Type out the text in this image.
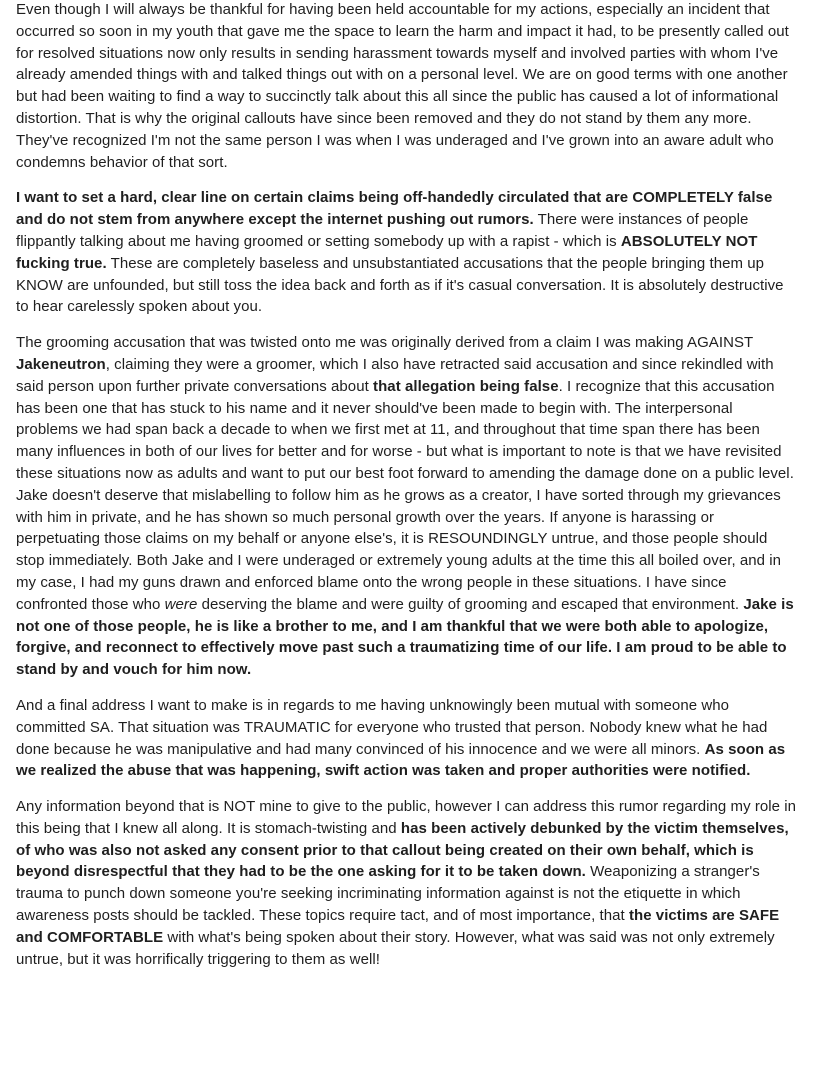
Even though I will always be thankful for having been held accountable for my actions, especially an incident that occurred so soon in my youth that gave me the space to learn the harm and impact it had, to be presently called out for resolved situations now only results in sending harassment towards myself and involved parties with whom I've already amended things with and talked things out with on a personal level. We are on good terms with one another but had been waiting to find a way to succinctly talk about this all since the public has caused a lot of informational distortion. That is why the original callouts have since been removed and they do not stand by them any more. They've recognized I'm not the same person I was when I was underaged and I've grown into an aware adult who condemns behavior of that sort.

I want to set a hard, clear line on certain claims being off-handedly circulated that are COMPLETELY false and do not stem from anywhere except the internet pushing out rumors. There were instances of people flippantly talking about me having groomed or setting somebody up with a rapist - which is ABSOLUTELY NOT fucking true. These are completely baseless and unsubstantiated accusations that the people bringing them up KNOW are unfounded, but still toss the idea back and forth as if it's casual conversation. It is absolutely destructive to hear carelessly spoken about you.

The grooming accusation that was twisted onto me was originally derived from a claim I was making AGAINST Jakeneutron, claiming they were a groomer, which I also have retracted said accusation and since rekindled with said person upon further private conversations about that allegation being false. I recognize that this accusation has been one that has stuck to his name and it never should've been made to begin with. The interpersonal problems we had span back a decade to when we first met at 11, and throughout that time span there has been many influences in both of our lives for better and for worse - but what is important to note is that we have revisited these situations now as adults and want to put our best foot forward to amending the damage done on a public level. Jake doesn't deserve that mislabelling to follow him as he grows as a creator, I have sorted through my grievances with him in private, and he has shown so much personal growth over the years. If anyone is harassing or perpetuating those claims on my behalf or anyone else's, it is RESOUNDINGLY untrue, and those people should stop immediately. Both Jake and I were underaged or extremely young adults at the time this all boiled over, and in my case, I had my guns drawn and enforced blame onto the wrong people in these situations. I have since confronted those who were deserving the blame and were guilty of grooming and escaped that environment. Jake is not one of those people, he is like a brother to me, and I am thankful that we were both able to apologize, forgive, and reconnect to effectively move past such a traumatizing time of our life. I am proud to be able to stand by and vouch for him now.

And a final address I want to make is in regards to me having unknowingly been mutual with someone who committed SA. That situation was TRAUMATIC for everyone who trusted that person. Nobody knew what he had done because he was manipulative and had many convinced of his innocence and we were all minors. As soon as we realized the abuse that was happening, swift action was taken and proper authorities were notified.

Any information beyond that is NOT mine to give to the public, however I can address this rumor regarding my role in this being that I knew all along. It is stomach-twisting and has been actively debunked by the victim themselves, of who was also not asked any consent prior to that callout being created on their own behalf, which is beyond disrespectful that they had to be the one asking for it to be taken down. Weaponizing a stranger's trauma to punch down someone you're seeking incriminating information against is not the etiquette in which awareness posts should be tackled. These topics require tact, and of most importance, that the victims are SAFE and COMFORTABLE with what's being spoken about their story. However, what was said was not only extremely untrue, but it was horrifically triggering to them as well!
